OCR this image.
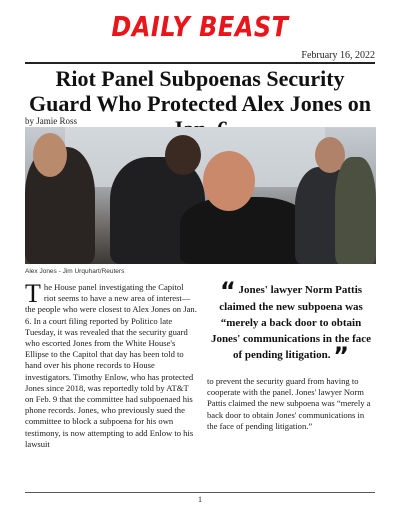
DAILY BEAST
February 16, 2022
Riot Panel Subpoenas Security Guard Who Protected Alex Jones on
by Jamie Ross
Alex Jones - Jim Urquhart/Reuters
The House panel investigating the Capitol riot seems to have a new area of interest—the people who were closest to Alex Jones on Jan. 6. In a court filing reported by Politico late Tuesday, it was revealed that the security guard who escorted Jones from the White House's Ellipse to the Capitol that day has been told to hand over his phone records to House investigators. Timothy Enlow, who has protected Jones since 2018, was reportedly told by AT&T on Feb. 9 that the committee had subpoenaed his phone records. Jones, who previously sued the committee to block a subpoena for his own testimony, is now attempting to add Enlow to his lawsuit
“ Jones' lawyer Norm Pattis claimed the new subpoena was “merely a back door to obtain Jones' communications in the face of pending litigation. ”
to prevent the security guard from having to cooperate with the panel. Jones' lawyer Norm Pattis claimed the new subpoena was “merely a back door to obtain Jones' communications in the face of pending litigation.”
1
